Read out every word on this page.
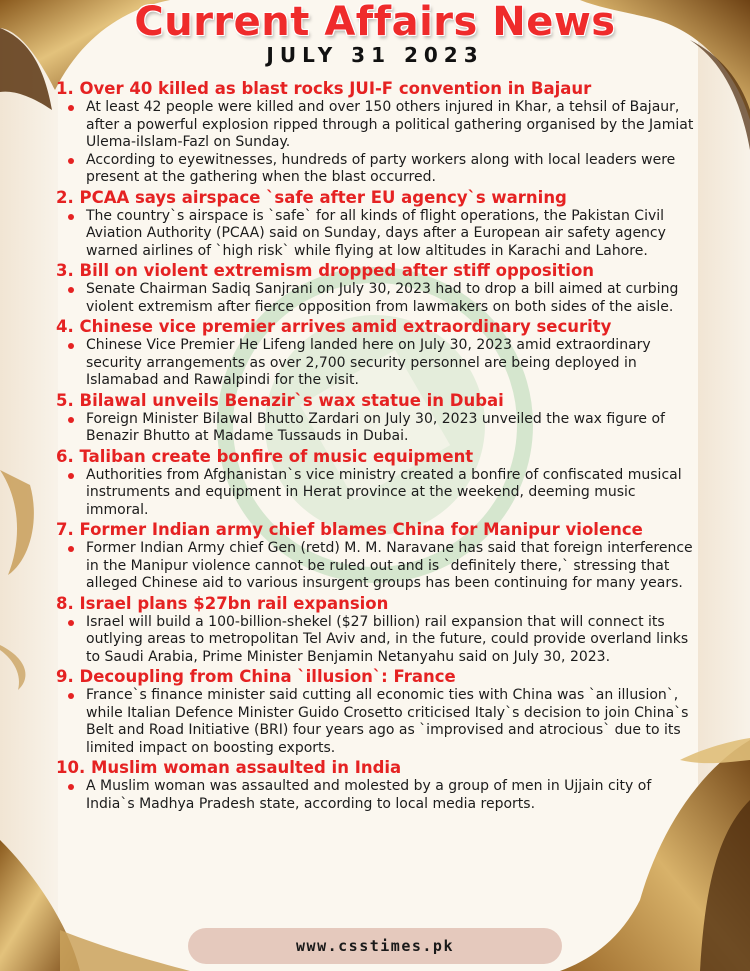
Current Affairs News

JULY 31 2023

1. Over 40 killed as blast rocks JUI-F convention in Bajaur

At least 42 people were killed and over 150 others injured in Khar, a tehsil of Bajaur, after a powerful explosion ripped through a political gathering organised by the Jamiat Ulema-iIslam-Fazl on Sunday.
According to eyewitnesses, hundreds of party workers along with local leaders were present at the gathering when the blast occurred.

2. PCAA says airspace `safe after EU agency`s warning

The country`s airspace is `safe` for all kinds of flight operations, the Pakistan Civil Aviation Authority (PCAA) said on Sunday, days after a European air safety agency warned airlines of `high risk` while flying at low altitudes in Karachi and Lahore.

3. Bill on violent extremism dropped after stiff opposition

Senate Chairman Sadiq Sanjrani on July 30, 2023 had to drop a bill aimed at curbing violent extremism after fierce opposition from lawmakers on both sides of the aisle.

4. Chinese vice premier arrives amid extraordinary security

Chinese Vice Premier He Lifeng landed here on July 30, 2023 amid extraordinary security arrangements as over 2,700 security personnel are being deployed in Islamabad and Rawalpindi for the visit.

5. Bilawal unveils Benazir`s wax statue in Dubai

Foreign Minister Bilawal Bhutto Zardari on July 30, 2023 unveiled the wax figure of Benazir Bhutto at Madame Tussauds in Dubai.

6. Taliban create bonfire of music equipment

Authorities from Afghanistan`s vice ministry created a bonfire of confiscated musical instruments and equipment in Herat province at the weekend, deeming music immoral.

7. Former Indian army chief blames China for Manipur violence

Former Indian Army chief Gen (retd) M. M. Naravane has said that foreign interference in the Manipur violence cannot be ruled out and is `definitely there,` stressing that alleged Chinese aid to various insurgent groups has been continuing for many years.

8. Israel plans $27bn rail expansion

Israel will build a 100-billion-shekel ($27 billion) rail expansion that will connect its outlying areas to metropolitan Tel Aviv and, in the future, could provide overland links to Saudi Arabia, Prime Minister Benjamin Netanyahu said on July 30, 2023.

9. Decoupling from China `illusion`: France

France`s finance minister said cutting all economic ties with China was `an illusion`, while Italian Defence Minister Guido Crosetto criticised Italy`s decision to join China`s Belt and Road Initiative (BRI) four years ago as `improvised and atrocious` due to its limited impact on boosting exports.

10. Muslim woman assaulted in India

A Muslim woman was assaulted and molested by a group of men in Ujjain city of India`s Madhya Pradesh state, according to local media reports.
www.csstimes.pk
